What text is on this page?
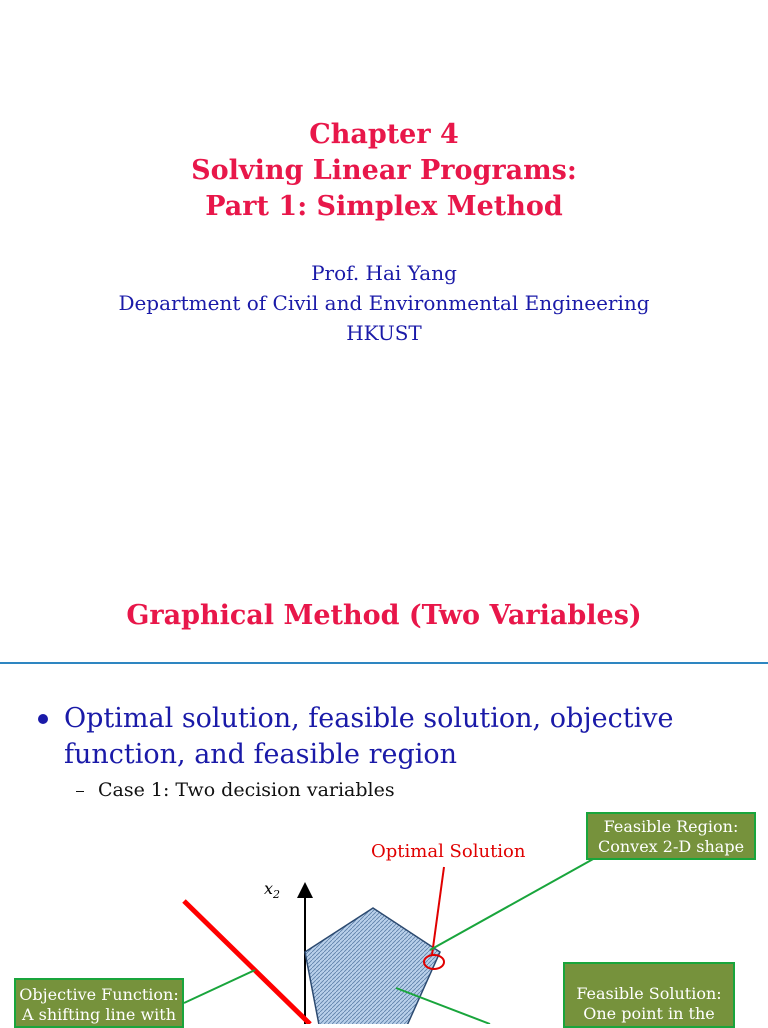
Chapter 4
Solving Linear Programs:
Part 1: Simplex Method
Prof. Hai Yang
Department of Civil and Environmental Engineering
HKUST
Graphical Method (Two Variables)
Optimal solution, feasible solution, objective
function, and feasible region
Case 1: Two decision variables
$x_2$
Optimal Solution
Feasible Region:
Convex 2-D shape
Objective Function:
A shifting line with
Feasible Solution:
One point in the
